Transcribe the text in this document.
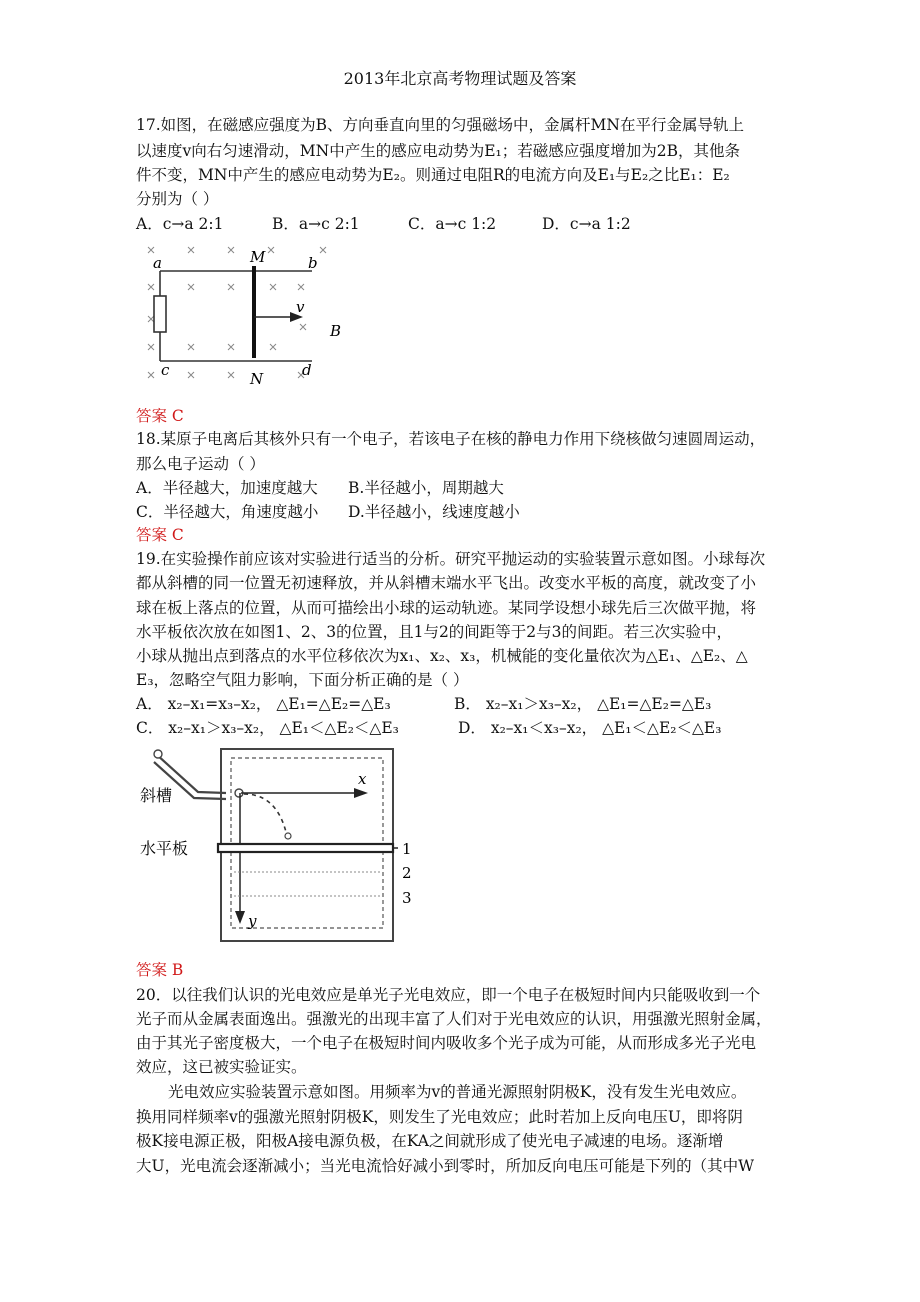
2013年北京高考物理试题及答案
17.如图，在磁感应强度为B、方向垂直向里的匀强磁场中，金属杆MN在平行金属导轨上
以速度v向右匀速滑动，MN中产生的感应电动势为E₁；若磁感应强度增加为2B，其他条
件不变，MN中产生的感应电动势为E₂。则通过电阻R的电流方向及E₁与E₂之比E₁：E₂
分别为（ ）
A．c→a 2:1	B．a→c 2:1	C．a→c 1:2	D．c→a 1:2
a	b
c	d
M
N
v
B
答案 C
18.某原子电离后其核外只有一个电子，若该电子在核的静电力作用下绕核做匀速圆周运动，
那么电子运动（ ）
A．半径越大，加速度越大 B.半径越小，周期越大
C．半径越大，角速度越小 D.半径越小，线速度越小
答案 C
19.在实验操作前应该对实验进行适当的分析。研究平抛运动的实验装置示意如图。小球每次
都从斜槽的同一位置无初速释放，并从斜槽末端水平飞出。改变水平板的高度，就改变了小
球在板上落点的位置，从而可描绘出小球的运动轨迹。某同学设想小球先后三次做平抛，将
水平板依次放在如图1、2、3的位置，且1与2的间距等于2与3的间距。若三次实验中，
小球从抛出点到落点的水平位移依次为x₁、x₂、x₃，机械能的变化量依次为△E₁、△E₂、△
E₃，忽略空气阻力影响，下面分析正确的是（ ）
A． x₂–x₁=x₃–x₂， △E₁=△E₂=△E₃	B． x₂–x₁＞x₃–x₂， △E₁=△E₂=△E₃
C． x₂–x₁＞x₃–x₂， △E₁＜△E₂＜△E₃	D． x₂–x₁＜x₃–x₂， △E₁＜△E₂＜△E₃
斜槽
水平板
x
y
1
2
3
答案 B
20．以往我们认识的光电效应是单光子光电效应，即一个电子在极短时间内只能吸收到一个
光子而从金属表面逸出。强激光的出现丰富了人们对于光电效应的认识，用强激光照射金属，
由于其光子密度极大，一个电子在极短时间内吸收多个光子成为可能，从而形成多光子光电
效应，这已被实验证实。
光电效应实验装置示意如图。用频率为v的普通光源照射阴极K，没有发生光电效应。
换用同样频率v的强激光照射阴极K，则发生了光电效应；此时若加上反向电压U，即将阴
极K接电源正极，阳极A接电源负极，在KA之间就形成了使光电子减速的电场。逐渐增
大U，光电流会逐渐减小；当光电流恰好减小到零时，所加反向电压可能是下列的（其中W
